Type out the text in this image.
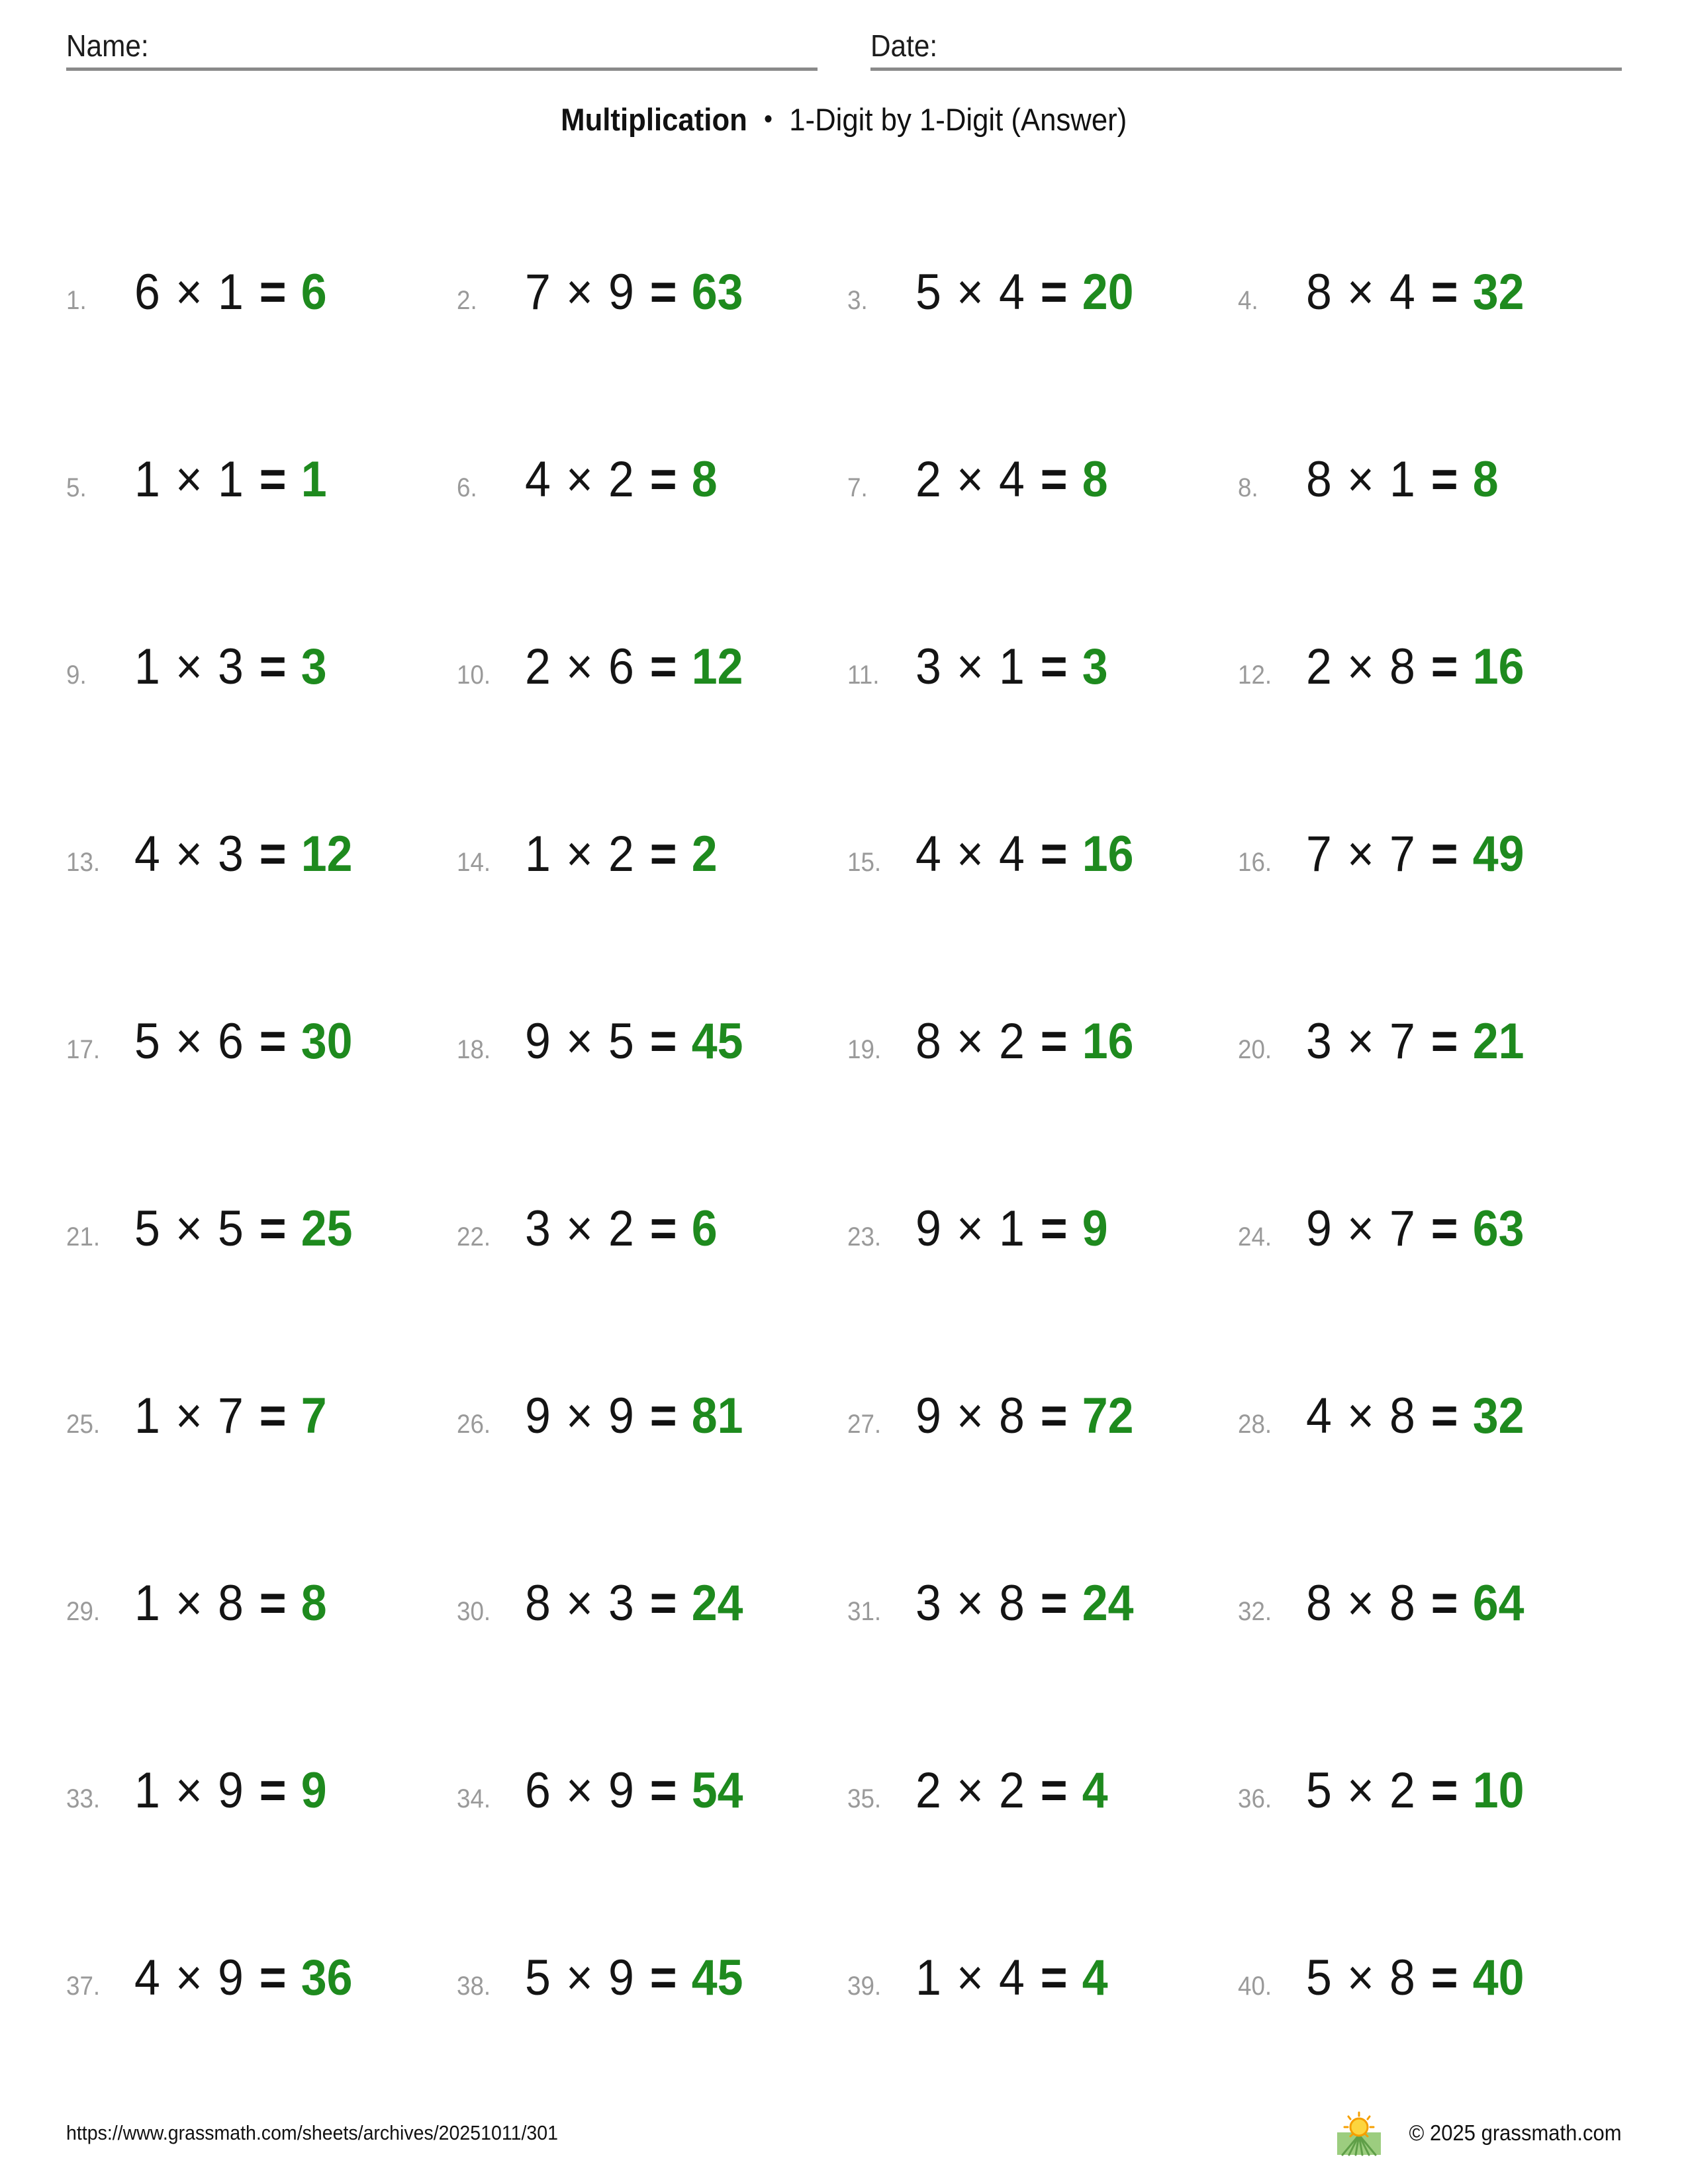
Name:	Date:
Multiplication • 1-Digit by 1-Digit (Answer)
1. 6 × 1 = 6	2. 7 × 9 = 63	3. 5 × 4 = 20	4. 8 × 4 = 32
5. 1 × 1 = 1	6. 4 × 2 = 8	7. 2 × 4 = 8	8. 8 × 1 = 8
9. 1 × 3 = 3	10. 2 × 6 = 12	11. 3 × 1 = 3	12. 2 × 8 = 16
13. 4 × 3 = 12	14. 1 × 2 = 2	15. 4 × 4 = 16	16. 7 × 7 = 49
17. 5 × 6 = 30	18. 9 × 5 = 45	19. 8 × 2 = 16	20. 3 × 7 = 21
21. 5 × 5 = 25	22. 3 × 2 = 6	23. 9 × 1 = 9	24. 9 × 7 = 63
25. 1 × 7 = 7	26. 9 × 9 = 81	27. 9 × 8 = 72	28. 4 × 8 = 32
29. 1 × 8 = 8	30. 8 × 3 = 24	31. 3 × 8 = 24	32. 8 × 8 = 64
33. 1 × 9 = 9	34. 6 × 9 = 54	35. 2 × 2 = 4	36. 5 × 2 = 10
37. 4 × 9 = 36	38. 5 × 9 = 45	39. 1 × 4 = 4	40. 5 × 8 = 40
https://www.grassmath.com/sheets/archives/20251011/301	© 2025 grassmath.com
